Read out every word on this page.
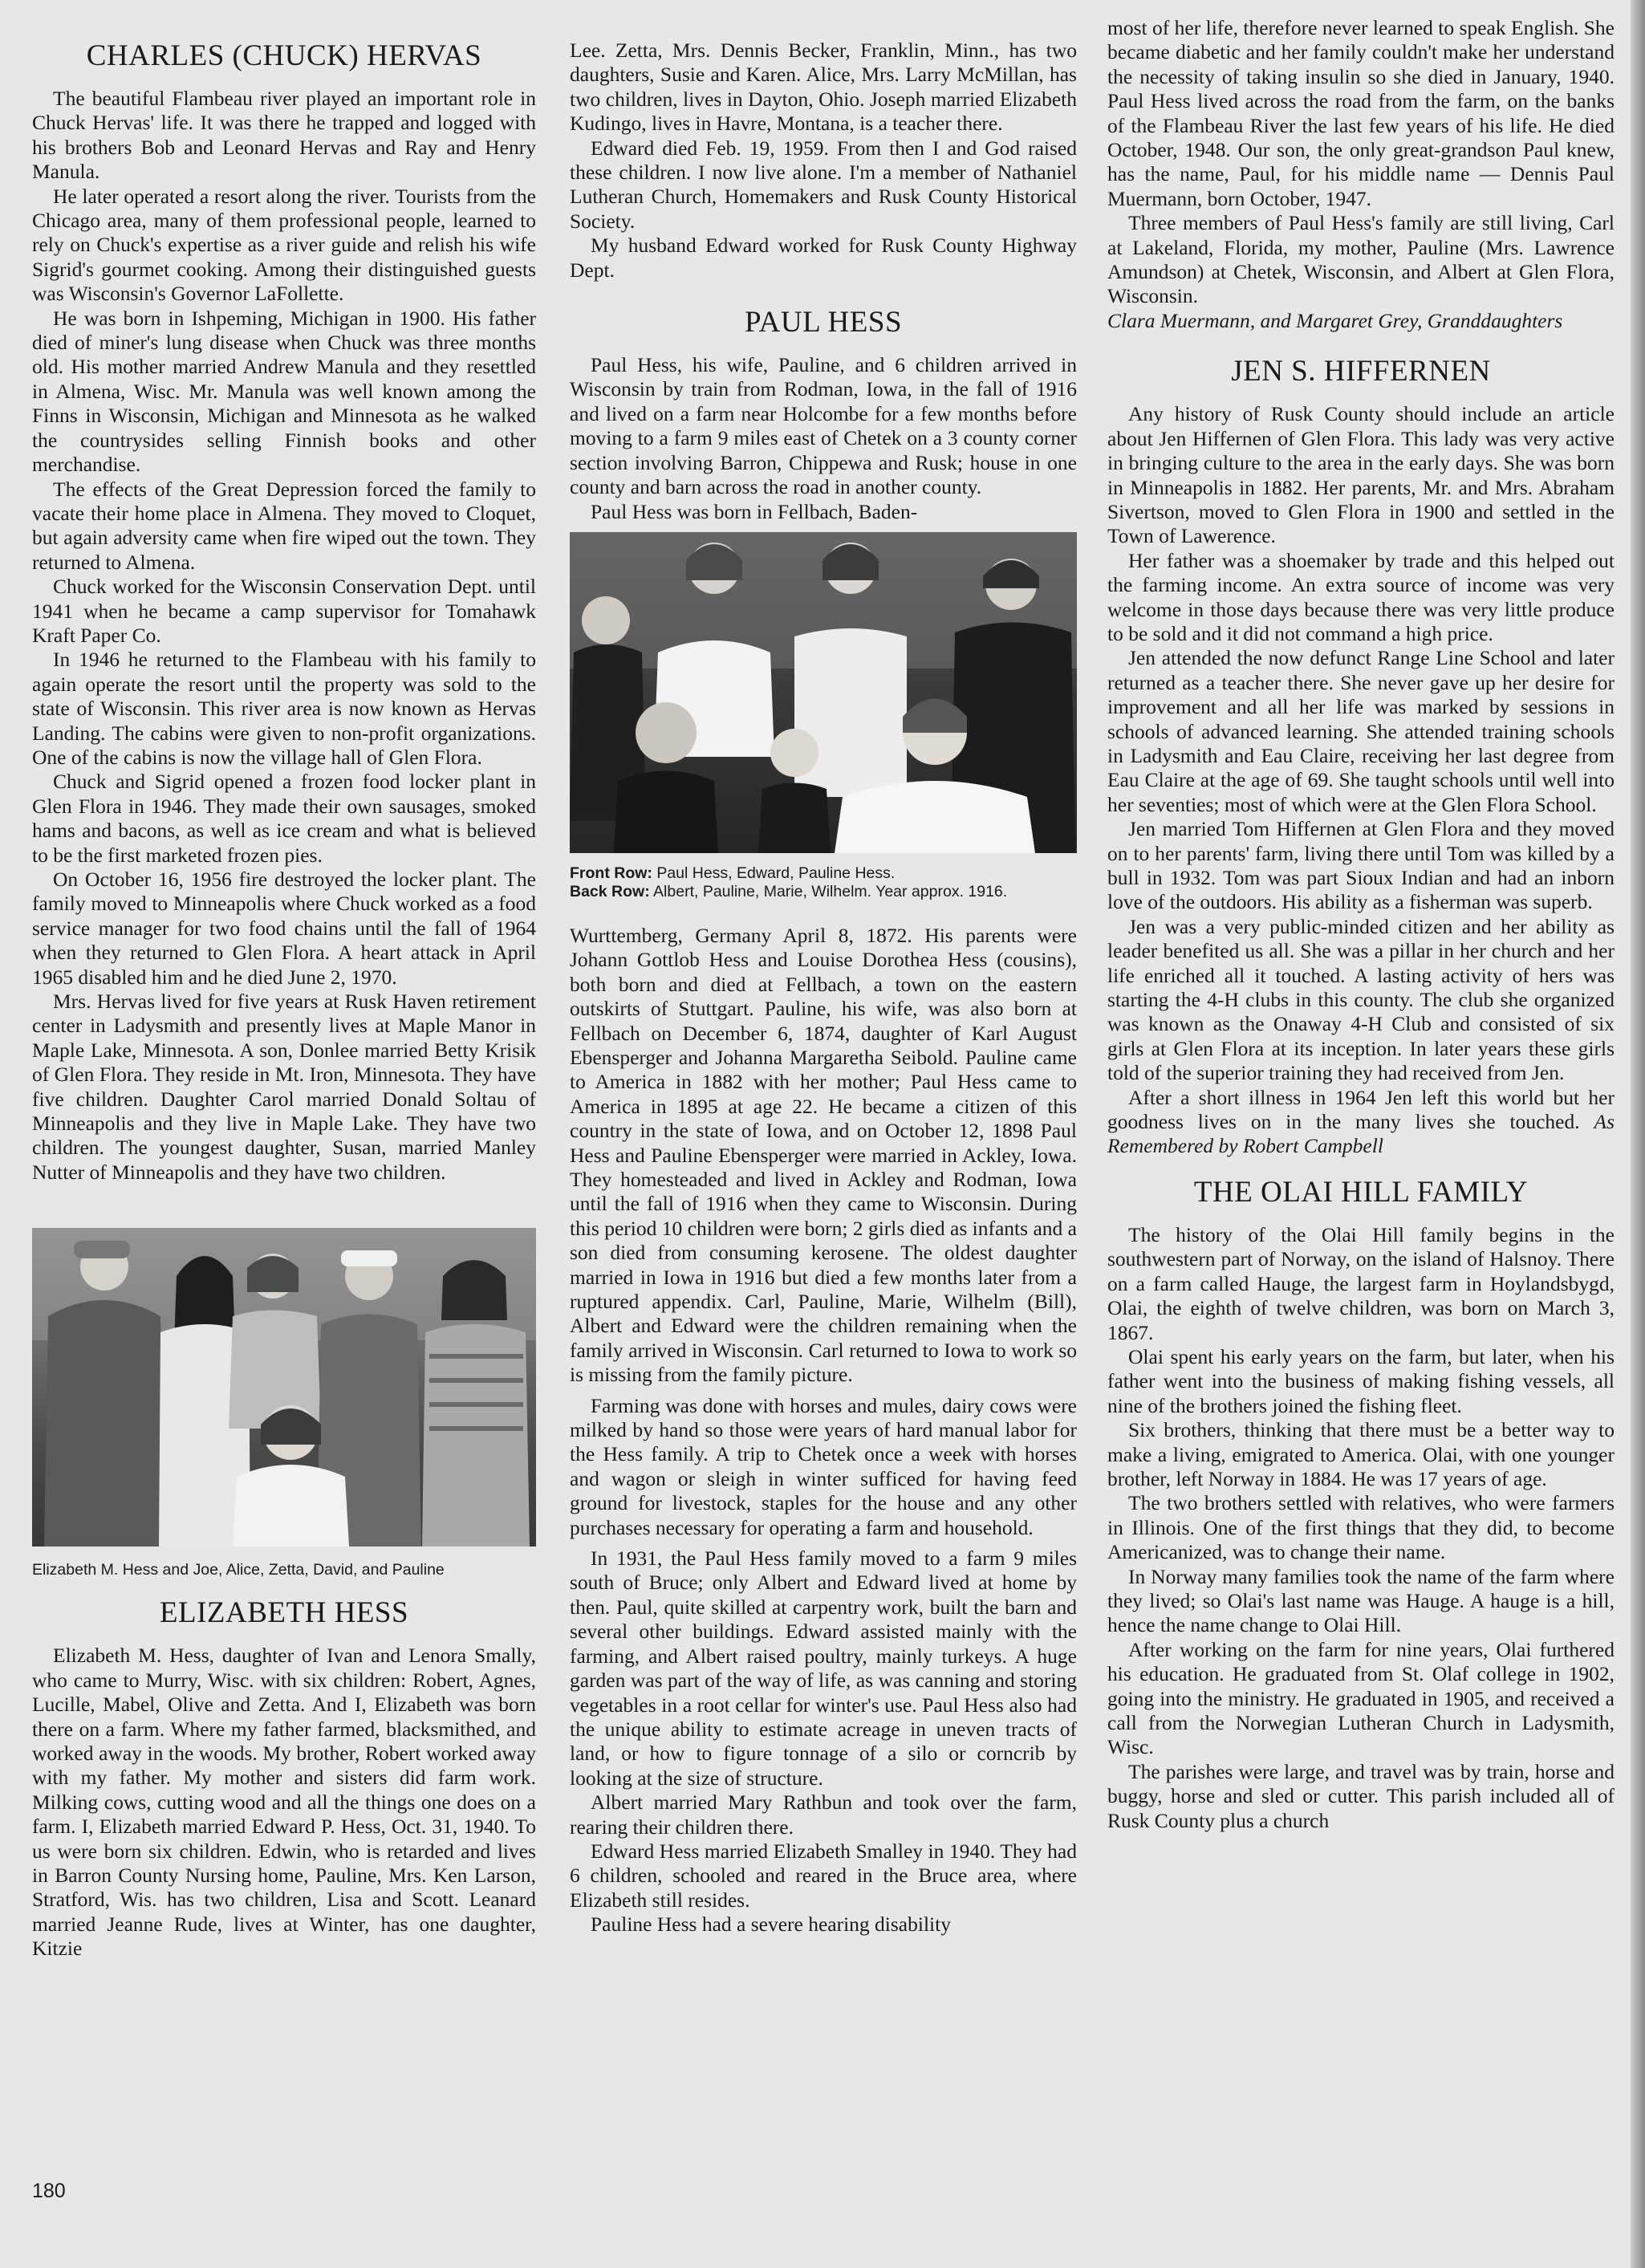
CHARLES (CHUCK) HERVAS

The beautiful Flambeau river played an important role in Chuck Hervas' life. It was there he trapped and logged with his brothers Bob and Leonard Hervas and Ray and Henry Manula.

He later operated a resort along the river. Tourists from the Chicago area, many of them professional people, learned to rely on Chuck's expertise as a river guide and relish his wife Sigrid's gourmet cooking. Among their distinguished guests was Wisconsin's Governor LaFollette.

He was born in Ishpeming, Michigan in 1900. His father died of miner's lung disease when Chuck was three months old. His mother married Andrew Manula and they resettled in Almena, Wisc. Mr. Manula was well known among the Finns in Wisconsin, Michigan and Minnesota as he walked the countrysides selling Finnish books and other merchandise.

The effects of the Great Depression forced the family to vacate their home place in Almena. They moved to Cloquet, but again adversity came when fire wiped out the town. They returned to Almena.

Chuck worked for the Wisconsin Conservation Dept. until 1941 when he became a camp supervisor for Tomahawk Kraft Paper Co.

In 1946 he returned to the Flambeau with his family to again operate the resort until the property was sold to the state of Wisconsin. This river area is now known as Hervas Landing. The cabins were given to non-profit organizations. One of the cabins is now the village hall of Glen Flora.

Chuck and Sigrid opened a frozen food locker plant in Glen Flora in 1946. They made their own sausages, smoked hams and bacons, as well as ice cream and what is believed to be the first marketed frozen pies.

On October 16, 1956 fire destroyed the locker plant. The family moved to Minneapolis where Chuck worked as a food service manager for two food chains until the fall of 1964 when they returned to Glen Flora. A heart attack in April 1965 disabled him and he died June 2, 1970.

Mrs. Hervas lived for five years at Rusk Haven retirement center in Ladysmith and presently lives at Maple Manor in Maple Lake, Minnesota. A son, Donlee married Betty Krisik of Glen Flora. They reside in Mt. Iron, Minnesota. They have five children. Daughter Carol married Donald Soltau of Minneapolis and they live in Maple Lake. They have two children. The youngest daughter, Susan, married Manley Nutter of Minneapolis and they have two children.

Elizabeth M. Hess and Joe, Alice, Zetta, David, and Pauline
ELIZABETH HESS

Elizabeth M. Hess, daughter of Ivan and Lenora Smally, who came to Murry, Wisc. with six children: Robert, Agnes, Lucille, Mabel, Olive and Zetta. And I, Elizabeth was born there on a farm. Where my father farmed, blacksmithed, and worked away in the woods. My brother, Robert worked away with my father. My mother and sisters did farm work. Milking cows, cutting wood and all the things one does on a farm. I, Elizabeth married Edward P. Hess, Oct. 31, 1940. To us were born six children. Edwin, who is retarded and lives in Barron County Nursing home, Pauline, Mrs. Ken Larson, Stratford, Wis. has two children, Lisa and Scott. Leanard married Jeanne Rude, lives at Winter, has one daughter, Kitzie

Lee. Zetta, Mrs. Dennis Becker, Franklin, Minn., has two daughters, Susie and Karen. Alice, Mrs. Larry McMillan, has two children, lives in Dayton, Ohio. Joseph married Elizabeth Kudingo, lives in Havre, Montana, is a teacher there.

Edward died Feb. 19, 1959. From then I and God raised these children. I now live alone. I'm a member of Nathaniel Lutheran Church, Homemakers and Rusk County Historical Society.

My husband Edward worked for Rusk County Highway Dept.

PAUL HESS

Paul Hess, his wife, Pauline, and 6 children arrived in Wisconsin by train from Rodman, Iowa, in the fall of 1916 and lived on a farm near Holcombe for a few months before moving to a farm 9 miles east of Chetek on a 3 county corner section involving Barron, Chippewa and Rusk; house in one county and barn across the road in another county.

Paul Hess was born in Fellbach, Baden-

Front Row: Paul Hess, Edward, Pauline Hess.
Back Row: Albert, Pauline, Marie, Wilhelm. Year approx. 1916.

Wurttemberg, Germany April 8, 1872. His parents were Johann Gottlob Hess and Louise Dorothea Hess (cousins), both born and died at Fellbach, a town on the eastern outskirts of Stuttgart. Pauline, his wife, was also born at Fellbach on December 6, 1874, daughter of Karl August Ebensperger and Johanna Margaretha Seibold. Pauline came to America in 1882 with her mother; Paul Hess came to America in 1895 at age 22. He became a citizen of this country in the state of Iowa, and on October 12, 1898 Paul Hess and Pauline Ebensperger were married in Ackley, Iowa. They homesteaded and lived in Ackley and Rodman, Iowa until the fall of 1916 when they came to Wisconsin. During this period 10 children were born; 2 girls died as infants and a son died from consuming kerosene. The oldest daughter married in Iowa in 1916 but died a few months later from a ruptured appendix. Carl, Pauline, Marie, Wilhelm (Bill), Albert and Edward were the children remaining when the family arrived in Wisconsin. Carl returned to Iowa to work so is missing from the family picture.

Farming was done with horses and mules, dairy cows were milked by hand so those were years of hard manual labor for the Hess family. A trip to Chetek once a week with horses and wagon or sleigh in winter sufficed for having feed ground for livestock, staples for the house and any other purchases necessary for operating a farm and household.

In 1931, the Paul Hess family moved to a farm 9 miles south of Bruce; only Albert and Edward lived at home by then. Paul, quite skilled at carpentry work, built the barn and several other buildings. Edward assisted mainly with the farming, and Albert raised poultry, mainly turkeys. A huge garden was part of the way of life, as was canning and storing vegetables in a root cellar for winter's use. Paul Hess also had the unique ability to estimate acreage in uneven tracts of land, or how to figure tonnage of a silo or corncrib by looking at the size of structure.

Albert married Mary Rathbun and took over the farm, rearing their children there.

Edward Hess married Elizabeth Smalley in 1940. They had 6 children, schooled and reared in the Bruce area, where Elizabeth still resides.

Pauline Hess had a severe hearing disability

most of her life, therefore never learned to speak English. She became diabetic and her family couldn't make her understand the necessity of taking insulin so she died in January, 1940. Paul Hess lived across the road from the farm, on the banks of the Flambeau River the last few years of his life. He died October, 1948. Our son, the only great-grandson Paul knew, has the name, Paul, for his middle name — Dennis Paul Muermann, born October, 1947.

Three members of Paul Hess's family are still living, Carl at Lakeland, Florida, my mother, Pauline (Mrs. Lawrence Amundson) at Chetek, Wisconsin, and Albert at Glen Flora, Wisconsin.

Clara Muermann, and Margaret Grey, Granddaughters

JEN S. HIFFERNEN

Any history of Rusk County should include an article about Jen Hiffernen of Glen Flora. This lady was very active in bringing culture to the area in the early days. She was born in Minneapolis in 1882. Her parents, Mr. and Mrs. Abraham Sivertson, moved to Glen Flora in 1900 and settled in the Town of Lawerence.

Her father was a shoemaker by trade and this helped out the farming income. An extra source of income was very welcome in those days because there was very little produce to be sold and it did not command a high price.

Jen attended the now defunct Range Line School and later returned as a teacher there. She never gave up her desire for improvement and all her life was marked by sessions in schools of advanced learning. She attended training schools in Ladysmith and Eau Claire, receiving her last degree from Eau Claire at the age of 69. She taught schools until well into her seventies; most of which were at the Glen Flora School.

Jen married Tom Hiffernen at Glen Flora and they moved on to her parents' farm, living there until Tom was killed by a bull in 1932. Tom was part Sioux Indian and had an inborn love of the outdoors. His ability as a fisherman was superb.

Jen was a very public-minded citizen and her ability as leader benefited us all. She was a pillar in her church and her life enriched all it touched. A lasting activity of hers was starting the 4-H clubs in this county. The club she organized was known as the Onaway 4-H Club and consisted of six girls at Glen Flora at its inception. In later years these girls told of the superior training they had received from Jen.

After a short illness in 1964 Jen left this world but her goodness lives on in the many lives she touched. As Remembered by Robert Campbell

THE OLAI HILL FAMILY

The history of the Olai Hill family begins in the southwestern part of Norway, on the island of Halsnoy. There on a farm called Hauge, the largest farm in Hoylandsbygd, Olai, the eighth of twelve children, was born on March 3, 1867.

Olai spent his early years on the farm, but later, when his father went into the business of making fishing vessels, all nine of the brothers joined the fishing fleet.

Six brothers, thinking that there must be a better way to make a living, emigrated to America. Olai, with one younger brother, left Norway in 1884. He was 17 years of age.

The two brothers settled with relatives, who were farmers in Illinois. One of the first things that they did, to become Americanized, was to change their name.

In Norway many families took the name of the farm where they lived; so Olai's last name was Hauge. A hauge is a hill, hence the name change to Olai Hill.

After working on the farm for nine years, Olai furthered his education. He graduated from St. Olaf college in 1902, going into the ministry. He graduated in 1905, and received a call from the Norwegian Lutheran Church in Ladysmith, Wisc.

The parishes were large, and travel was by train, horse and buggy, horse and sled or cutter. This parish included all of Rusk County plus a church

180
